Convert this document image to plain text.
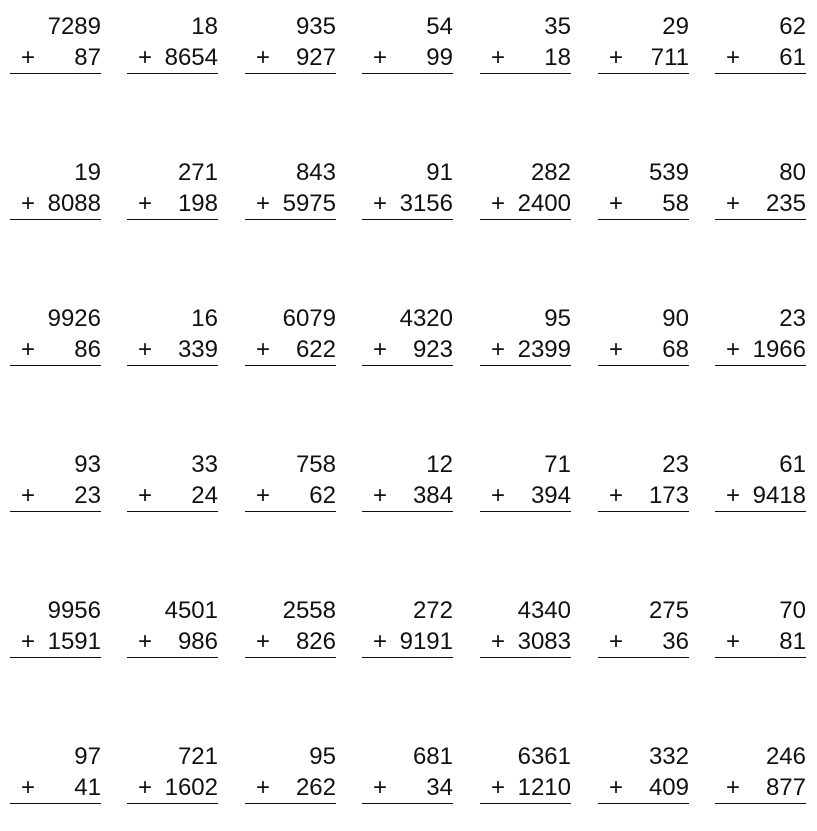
7289
+ 87
18
+ 8654
935
+ 927
54
+ 99
35
+ 18
29
+ 711
62
+ 61
19
+ 8088
271
+ 198
843
+ 5975
91
+ 3156
282
+ 2400
539
+ 58
80
+ 235
9926
+ 86
16
+ 339
6079
+ 622
4320
+ 923
95
+ 2399
90
+ 68
23
+ 1966
93
+ 23
33
+ 24
758
+ 62
12
+ 384
71
+ 394
23
+ 173
61
+ 9418
9956
+ 1591
4501
+ 986
2558
+ 826
272
+ 9191
4340
+ 3083
275
+ 36
70
+ 81
97
+ 41
721
+ 1602
95
+ 262
681
+ 34
6361
+ 1210
332
+ 409
246
+ 877
